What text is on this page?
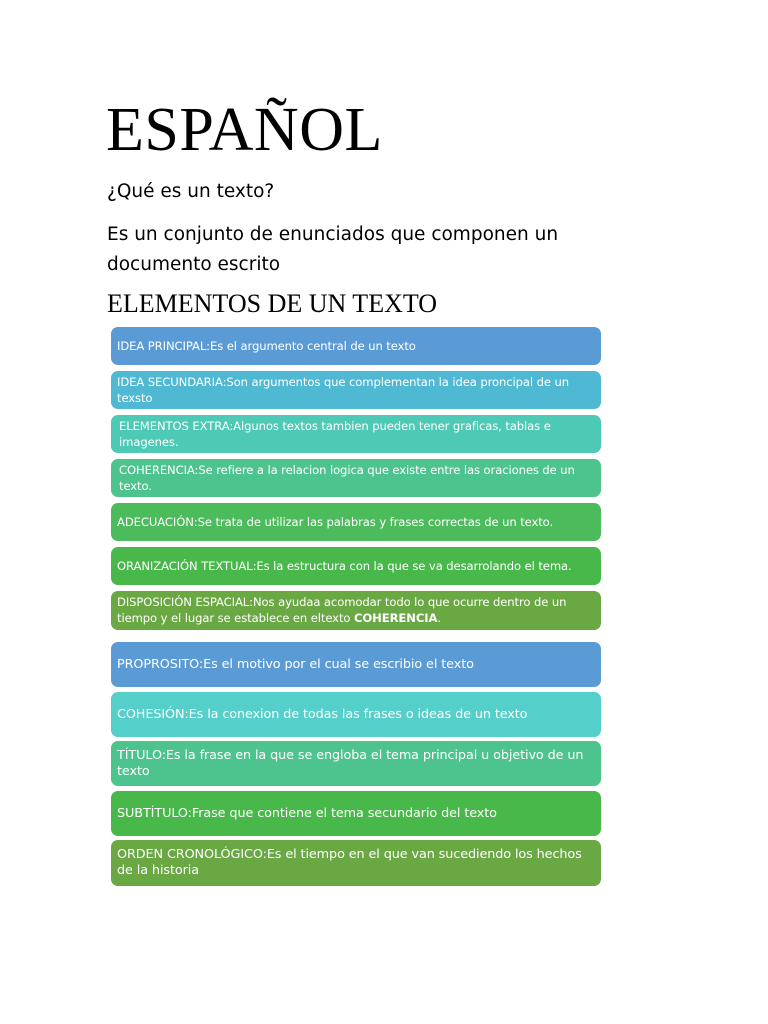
ESPAÑOL

¿Qué es un texto?

Es un conjunto de enunciados que componen un documento escrito

ELEMENTOS DE UN TEXTO
IDEA PRINCIPAL:Es el argumento central de un texto
IDEA SECUNDARIA:Son argumentos que complementan la idea proncipal de un texsto
ELEMENTOS EXTRA:Algunos textos tambien pueden tener graficas, tablas e imagenes.
COHERENCIA:Se refiere a la relacion logica que existe entre las oraciones de un texto.
ADECUACIÓN:Se trata de utilizar las palabras y frases correctas de un texto.
ORANIZACIÓN TEXTUAL:Es la estructura con la que se va desarrolando el tema.
DISPOSICIÓN ESPACIAL:Nos ayudaa acomodar todo lo que ocurre dentro de un tiempo y el lugar se establece en eltexto COHERENCIA.
PROPROSITO:Es el motivo por el cual se escribio el texto
COHESIÓN:Es la conexion de todas las frases o ideas de un texto
TÍTULO:Es la frase en la que se engloba el tema principal u objetivo de un texto
SUBTÍTULO:Frase que contiene el tema secundario del texto
ORDEN CRONOLÓGICO:Es el tiempo en el que van sucediendo los hechos de la historia
